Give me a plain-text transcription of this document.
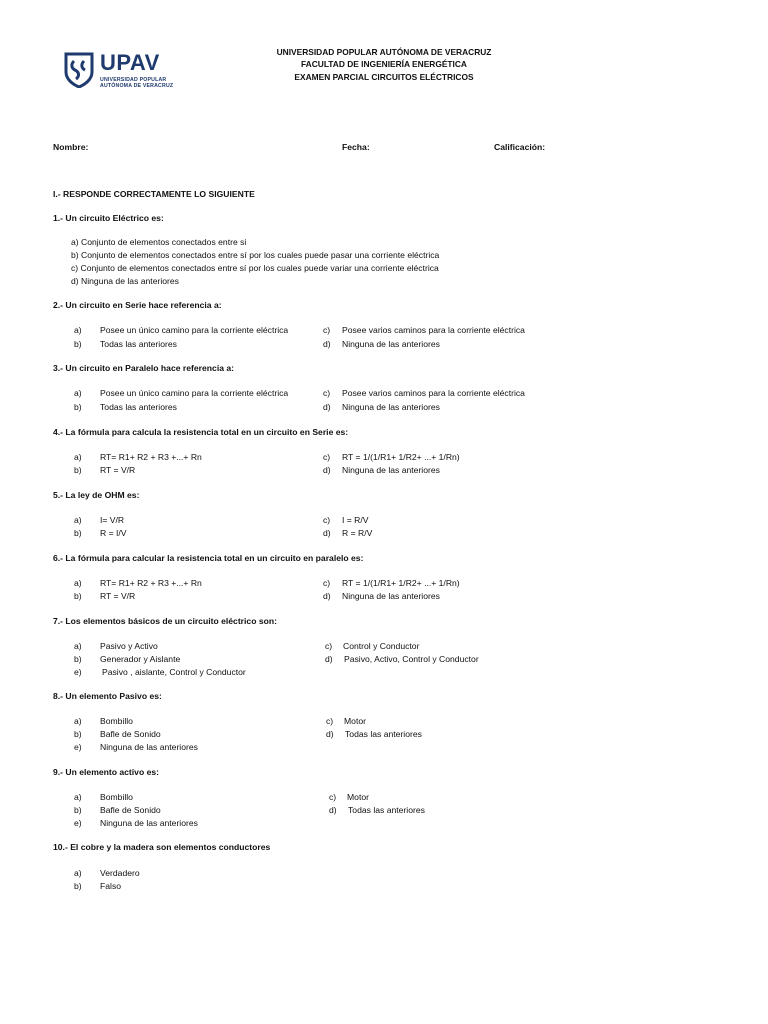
UPAV
UNIVERSIDAD POPULAR
AUTÓNOMA DE VERACRUZ
UNIVERSIDAD POPULAR AUTÓNOMA DE VERACRUZ
FACULTAD DE INGENIERÍA ENERGÉTICA
EXAMEN PARCIAL CIRCUITOS ELÉCTRICOS
Nombre:	Fecha:	Calificación:
I.- RESPONDE CORRECTAMENTE LO SIGUIENTE
1.- Un circuito Eléctrico es:
a) Conjunto de elementos conectados entre si
b) Conjunto de elementos conectados entre sí por los cuales puede pasar una corriente eléctrica
c) Conjunto de elementos conectados entre sí por los cuales puede variar una corriente eléctrica
d) Ninguna de las anteriores
2.- Un circuito en Serie hace referencia a:
a) Posee un único camino para la corriente eléctrica
b) Todas las anteriores
c) Posee varios caminos para la corriente eléctrica
d) Ninguna de las anteriores
3.- Un circuito en Paralelo hace referencia a:
a) Posee un único camino para la corriente eléctrica
b) Todas las anteriores
c) Posee varios caminos para la corriente eléctrica
d) Ninguna de las anteriores
4.- La fórmula para calcula la resistencia total en un circuito en Serie es:
a) RT= R1+ R2 + R3 +...+ Rn
b) RT = V/R
c) RT = 1/(1/R1+ 1/R2+ ...+ 1/Rn)
d) Ninguna de las anteriores
5.- La ley de OHM es:
a) I= V/R
b) R = I/V
c) I = R/V
d) R = R/V
6.- La fórmula para calcular la resistencia total en un circuito en paralelo es:
a) RT= R1+ R2 + R3 +...+ Rn
b) RT = V/R
c) RT = 1/(1/R1+ 1/R2+ ...+ 1/Rn)
d) Ninguna de las anteriores
7.- Los elementos básicos de un circuito eléctrico son:
a) Pasivo y Activo
b) Generador y Aislante
e) Pasivo , aislante, Control y Conductor
c) Control y Conductor
d) Pasivo, Activo, Control y Conductor
8.- Un elemento Pasivo es:
a) Bombillo
b) Bafle de Sonido
e) Ninguna de las anteriores
c) Motor
d) Todas las anteriores
9.- Un elemento activo es:
a) Bombillo
b) Bafle de Sonido
e) Ninguna de las anteriores
c) Motor
d) Todas las anteriores
10.- El cobre y la madera son elementos conductores
a) Verdadero
b) Falso
